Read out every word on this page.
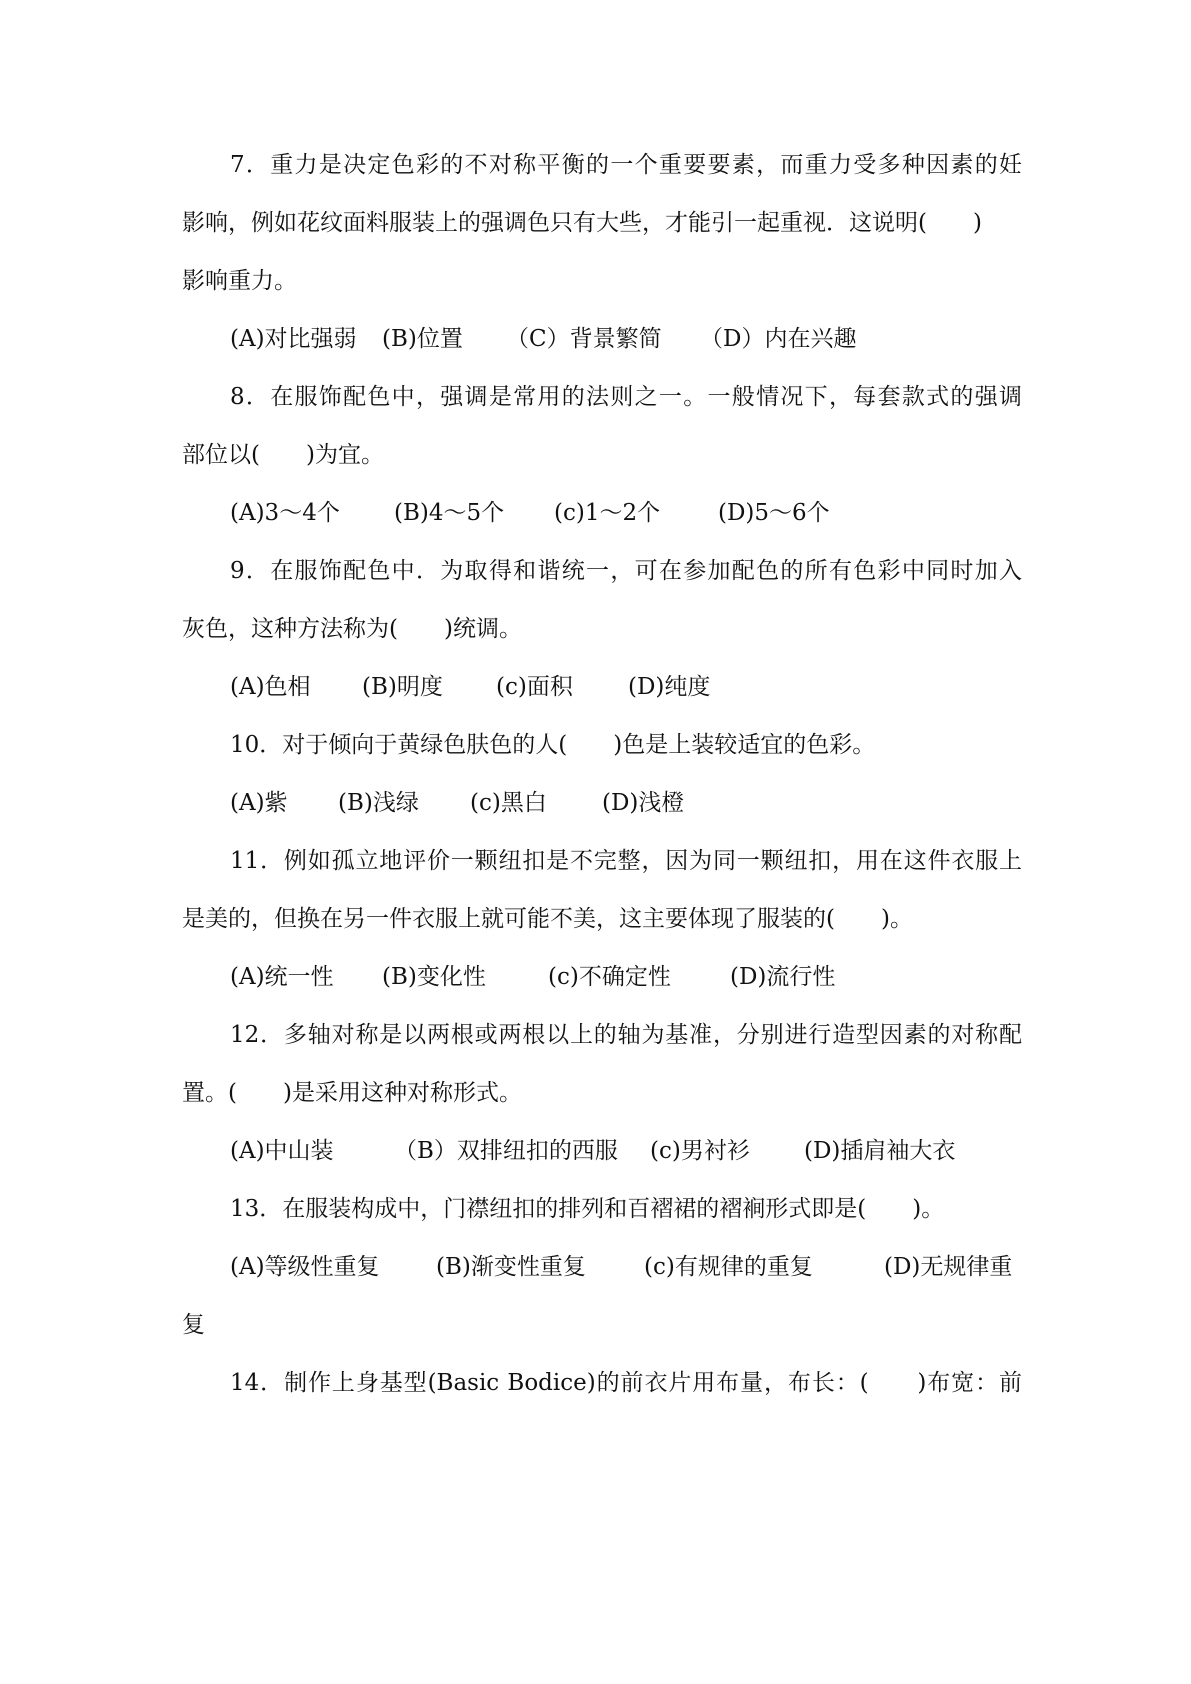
7．重力是决定色彩的不对称平衡的一个重要要素，而重力受多种因素的妊
影响，例如花纹面料服装上的强调色只有大些，才能引一起重视．这说明(　　)
影响重力。
(A)对比强弱 (B)位置 （C）背景繁简 （D）内在兴趣
8．在服饰配色中，强调是常用的法则之一。一般情况下，每套款式的强调
部位以(　　)为宜。
(A)3～4个 (B)4～5个 (c)1～2个	(D)5～6个
9．在服饰配色中．为取得和谐统一，可在参加配色的所有色彩中同时加入
灰色，这种方法称为(　　)统调。
(A)色相 (B)明度 (c)面积 (D)纯度
10．对于倾向于黄绿色肤色的人(　　)色是上装较适宜的色彩。
(A)紫 (B)浅绿 (c)黑白 (D)浅橙
11．例如孤立地评价一颗纽扣是不完整，因为同一颗纽扣，用在这件衣服上
是美的，但换在另一件衣服上就可能不美，这主要体现了服装的(　　)。
(A)统一性 (B)变化性	(c)不确定性	(D)流行性
12．多轴对称是以两根或两根以上的轴为基准，分别进行造型因素的对称配
置。(　　)是采用这种对称形式。
(A)中山装	（B）双排纽扣的西服 (c)男衬衫 (D)插肩袖大衣
13．在服装构成中，门襟纽扣的排列和百褶裙的褶裥形式即是(　　)。
(A)等级性重复 (B)渐变性重复	(c)有规律的重复	(D)无规律重
复
14．制作上身基型(Basic Bodice)的前衣片用布量，布长：(　　)布宽：前
